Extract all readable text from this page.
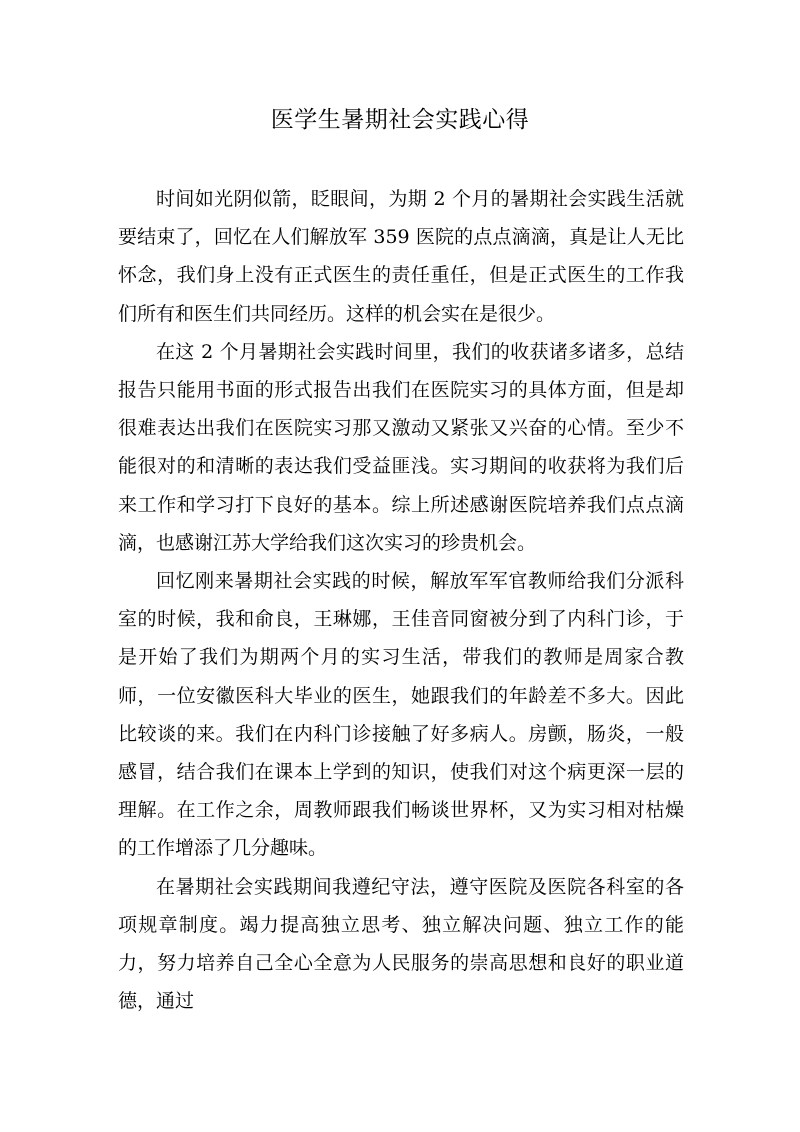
医学生暑期社会实践心得

时间如光阴似箭，眨眼间，为期 2 个月的暑期社会实践生活就要结束了，回忆在人们解放军 359 医院的点点滴滴，真是让人无比怀念，我们身上没有正式医生的责任重任，但是正式医生的工作我们所有和医生们共同经历。这样的机会实在是很少。

在这 2 个月暑期社会实践时间里，我们的收获诸多诸多，总结报告只能用书面的形式报告出我们在医院实习的具体方面，但是却很难表达出我们在医院实习那又激动又紧张又兴奋的心情。至少不能很对的和清晰的表达我们受益匪浅。实习期间的收获将为我们后来工作和学习打下良好的基本。综上所述感谢医院培养我们点点滴滴，也感谢江苏大学给我们这次实习的珍贵机会。

回忆刚来暑期社会实践的时候，解放军军官教师给我们分派科室的时候，我和俞良，王琳娜，王佳音同窗被分到了内科门诊，于是开始了我们为期两个月的实习生活，带我们的教师是周家合教师，一位安徽医科大毕业的医生，她跟我们的年龄差不多大。因此比较谈的来。我们在内科门诊接触了好多病人。房颤，肠炎，一般感冒，结合我们在课本上学到的知识，使我们对这个病更深一层的理解。在工作之余，周教师跟我们畅谈世界杯，又为实习相对枯燥的工作增添了几分趣味。

在暑期社会实践期间我遵纪守法，遵守医院及医院各科室的各项规章制度。竭力提高独立思考、独立解决问题、独立工作的能力，努力培养自己全心全意为人民服务的崇高思想和良好的职业道德，通过
